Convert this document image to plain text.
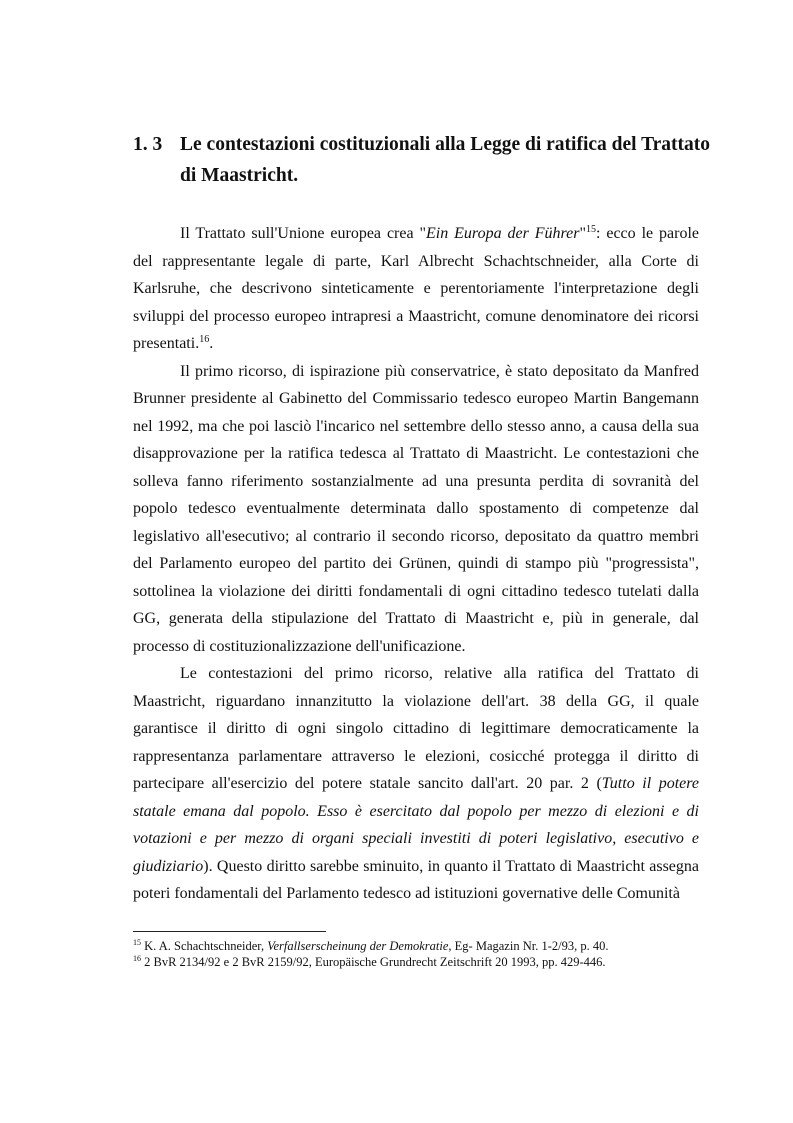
1. 3 Le contestazioni costituzionali alla Legge di ratifica del Trattato di Maastricht.

Il Trattato sull'Unione europea crea "Ein Europa der Führer"$^{15}$: ecco le parole del rappresentante legale di parte, Karl Albrecht Schachtschneider, alla Corte di Karlsruhe, che descrivono sinteticamente e perentoriamente l'interpretazione degli sviluppi del processo europeo intrapresi a Maastricht, comune denominatore dei ricorsi presentati.$^{16}$.

Il primo ricorso, di ispirazione più conservatrice, è stato depositato da Manfred Brunner presidente al Gabinetto del Commissario tedesco europeo Martin Bangemann nel 1992, ma che poi lasciò l'incarico nel settembre dello stesso anno, a causa della sua disapprovazione per la ratifica tedesca al Trattato di Maastricht. Le contestazioni che solleva fanno riferimento sostanzialmente ad una presunta perdita di sovranità del popolo tedesco eventualmente determinata dallo spostamento di competenze dal legislativo all'esecutivo; al contrario il secondo ricorso, depositato da quattro membri del Parlamento europeo del partito dei Grünen, quindi di stampo più "progressista", sottolinea la violazione dei diritti fondamentali di ogni cittadino tedesco tutelati dalla GG, generata della stipulazione del Trattato di Maastricht e, più in generale, dal processo di costituzionalizzazione dell'unificazione.

Le contestazioni del primo ricorso, relative alla ratifica del Trattato di Maastricht, riguardano innanzitutto la violazione dell'art. 38 della GG, il quale garantisce il diritto di ogni singolo cittadino di legittimare democraticamente la rappresentanza parlamentare attraverso le elezioni, cosicché protegga il diritto di partecipare all'esercizio del potere statale sancito dall'art. 20 par. 2 (Tutto il potere statale emana dal popolo. Esso è esercitato dal popolo per mezzo di elezioni e di votazioni e per mezzo di organi speciali investiti di poteri legislativo, esecutivo e giudiziario). Questo diritto sarebbe sminuito, in quanto il Trattato di Maastricht assegna poteri fondamentali del Parlamento tedesco ad istituzioni governative delle Comunità

$^{15}$ K. A. Schachtschneider, Verfallserscheinung der Demokratie, Eg- Magazin Nr. 1-2/93, p. 40.

$^{16}$ 2 BvR 2134/92 e 2 BvR 2159/92, Europäische Grundrecht Zeitschrift 20 1993, pp. 429-446.
